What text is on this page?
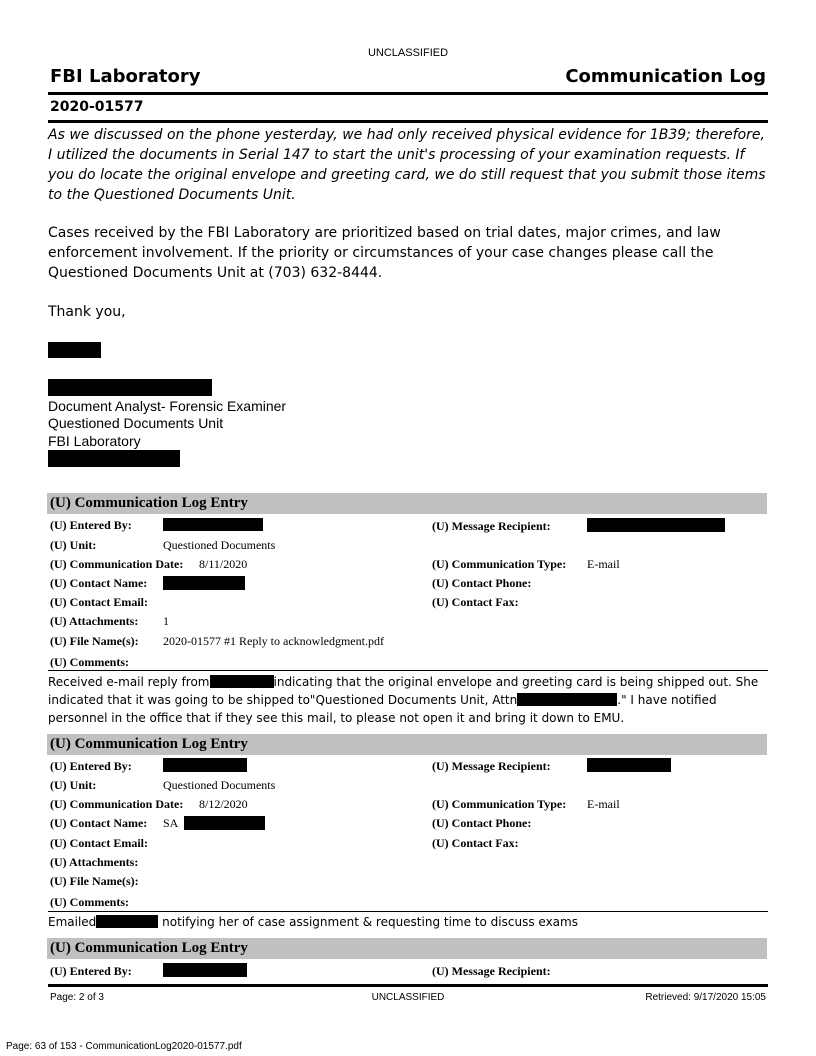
UNCLASSIFIED
FBI Laboratory	Communication Log
2020-01577
As we discussed on the phone yesterday, we had only received physical evidence for 1B39; therefore, I utilized the documents in Serial 147 to start the unit's processing of your examination requests. If you do locate the original envelope and greeting card, we do still request that you submit those items to the Questioned Documents Unit.
Cases received by the FBI Laboratory are prioritized based on trial dates, major crimes, and law enforcement involvement. If the priority or circumstances of your case changes please call the Questioned Documents Unit at (703) 632-8444.
Thank you,
Document Analyst- Forensic Examiner
Questioned Documents Unit
FBI Laboratory
(U) Communication Log Entry
(U) Entered By:	(U) Message Recipient:
(U) Unit:	Questioned Documents
(U) Communication Date: 8/11/2020	(U) Communication Type: E-mail
(U) Contact Name:	(U) Contact Phone:
(U) Contact Email:	(U) Contact Fax:
(U) Attachments: 1
(U) File Name(s): 2020-01577 #1 Reply to acknowledgment.pdf
(U) Comments:
Received e-mail reply from	indicating that the original envelope and greeting card is being shipped out. She
indicated that it was going to be shipped to"Questioned Documents Unit, Attn	." I have notified
personnel in the office that if they see this mail, to please not open it and bring it down to EMU.
(U) Communication Log Entry
(U) Entered By:	(U) Message Recipient:
(U) Unit:	Questioned Documents
(U) Communication Date: 8/12/2020	(U) Communication Type: E-mail
(U) Contact Name: SA	(U) Contact Phone:
(U) Contact Email:	(U) Contact Fax:
(U) Attachments:
(U) File Name(s):
(U) Comments:
Emailed	notifying her of case assignment & requesting time to discuss exams
(U) Communication Log Entry
(U) Entered By:	(U) Message Recipient:
Page: 2 of 3	UNCLASSIFIED	Retrieved: 9/17/2020 15:05
Page: 63 of 153 - CommunicationLog2020-01577.pdf
